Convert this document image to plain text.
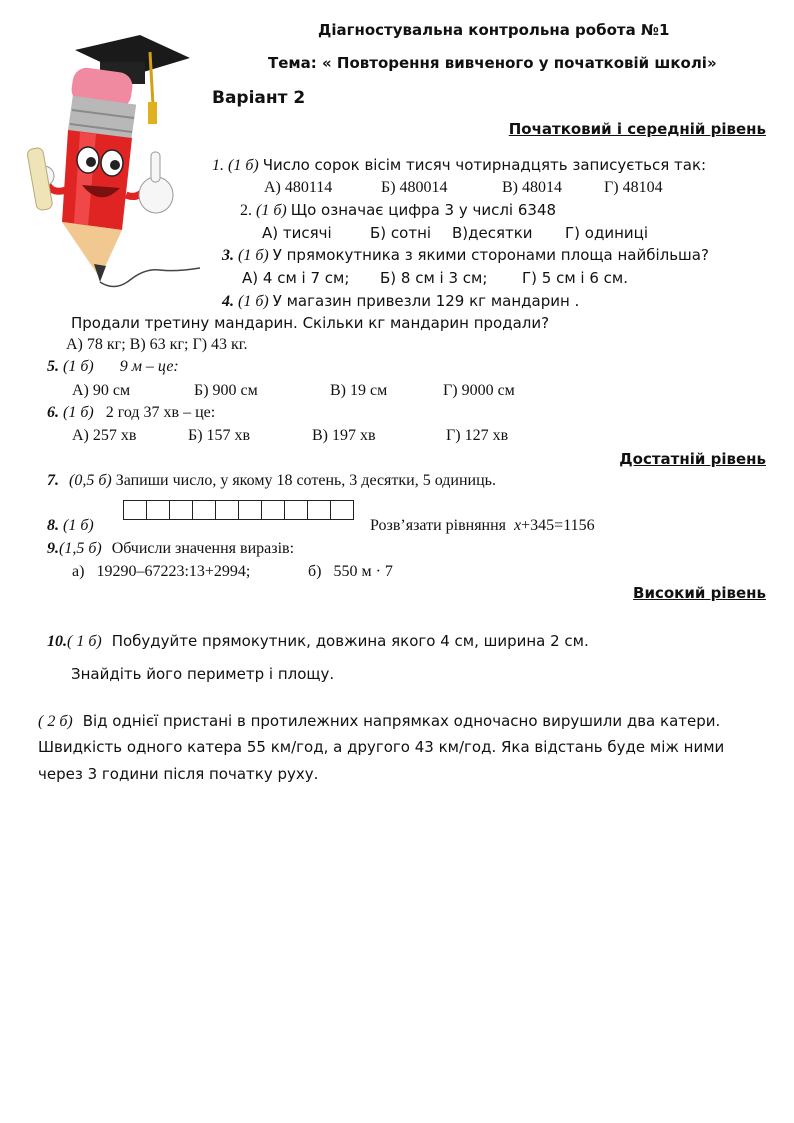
Діагностувальна контрольна робота №1
Тема: « Повторення вивченого у початковій школі»
Варіант 2
Початковий і середній рівень
1. (1 б) Число сорок вісім тисяч чотирнадцять записується так:
А) 480114	Б) 480014	В) 48014	Г) 48104
2. (1 б) Що означає цифра 3 у числі 6348
А) тисячі	Б) сотні В)десятки Г) одиниці
3. (1 б) У прямокутника з якими сторонами площа найбільша?
А) 4 см і 7 см; Б) 8 см і 3 см; Г) 5 см і 6 см.
4. (1 б) У магазин привезли 129 кг мандарин .
Продали третину мандарин. Скільки кг мандарин продали?
А) 78 кг; В) 63 кг; Г) 43 кг.
5. (1 б) 9 м – це:
А) 90 см	Б) 900 см	В) 19 см	Г) 9000 см
6. (1 б) 2 год 37 хв – це:
А) 257 хв	Б) 157 хв	В) 197 хв	Г) 127 хв
Достатній рівень
7. (0,5 б) Запиши число, у якому 18 сотень, 3 десятки, 5 одиниць.
8. (1 б)	Розв’язати рівняння x+345=1156
9.(1,5 б) Обчисли значення виразів:
а) 19290–67223:13+2994;	б) 550 м · 7
Високий рівень
10.( 1 б) Побудуйте прямокутник, довжина якого 4 см, ширина 2 см.
Знайдіть його периметр і площу.
( 2 б) Від однієї пристані в протилежних напрямках одночасно вирушили два катери.
Швидкість одного катера 55 км/год, а другого 43 км/год. Яка відстань буде між ними
через 3 години після початку руху.
